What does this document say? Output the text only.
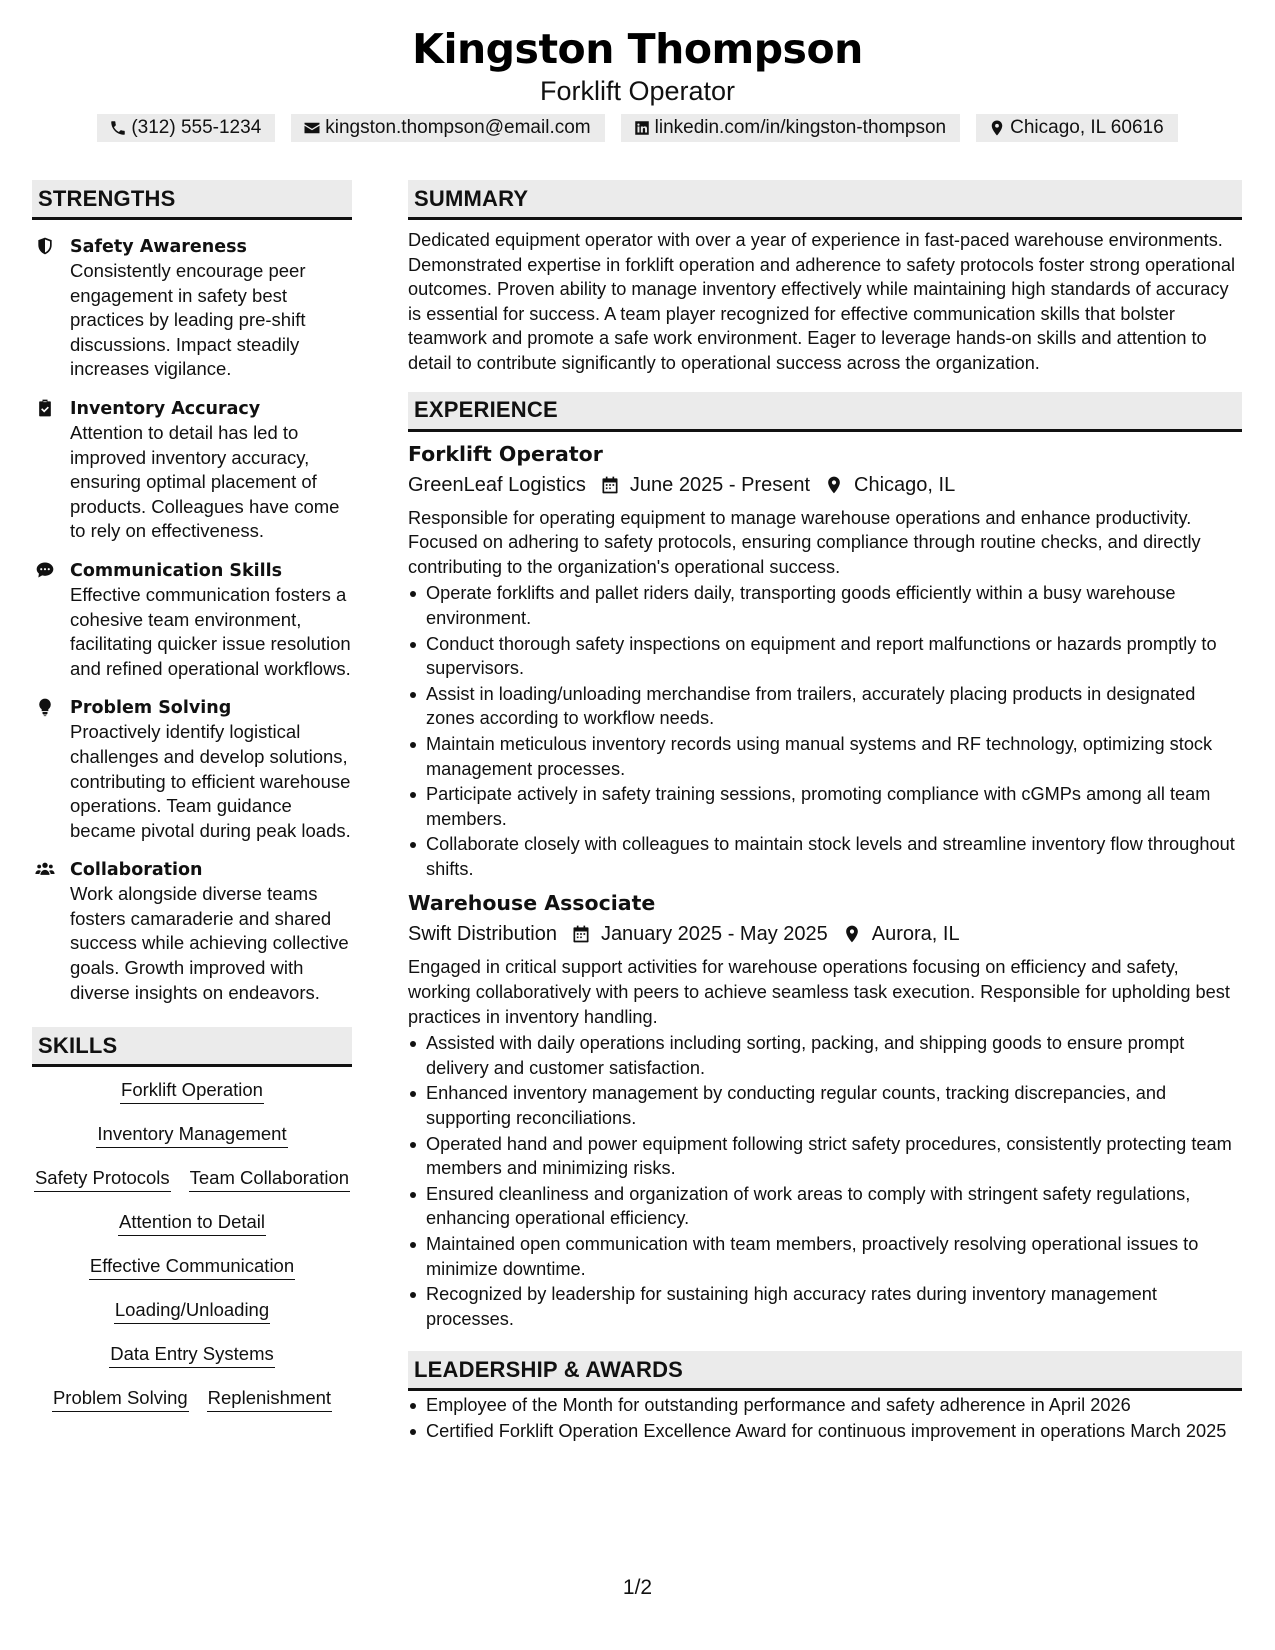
Kingston Thompson
Forklift Operator
(312) 555-1234	kingston.thompson@email.com	linkedin.com/in/kingston-thompson	Chicago, IL 60616
STRENGTHS
Safety Awareness
Consistently encourage peer engagement in safety best practices by leading pre-shift discussions. Impact steadily increases vigilance.
Inventory Accuracy
Attention to detail has led to improved inventory accuracy, ensuring optimal placement of products. Colleagues have come to rely on effectiveness.
Communication Skills
Effective communication fosters a cohesive team environment, facilitating quicker issue resolution and refined operational workflows.
Problem Solving
Proactively identify logistical challenges and develop solutions, contributing to efficient warehouse operations. Team guidance became pivotal during peak loads.
Collaboration
Work alongside diverse teams fosters camaraderie and shared success while achieving collective goals. Growth improved with diverse insights on endeavors.
SKILLS
Forklift Operation
Inventory Management
Safety Protocols Team Collaboration
Attention to Detail
Effective Communication
Loading/Unloading
Data Entry Systems
Problem Solving Replenishment
SUMMARY
Dedicated equipment operator with over a year of experience in fast-paced warehouse environments. Demonstrated expertise in forklift operation and adherence to safety protocols foster strong operational outcomes. Proven ability to manage inventory effectively while maintaining high standards of accuracy is essential for success. A team player recognized for effective communication skills that bolster teamwork and promote a safe work environment. Eager to leverage hands-on skills and attention to detail to contribute significantly to operational success across the organization.
EXPERIENCE
Forklift Operator
GreenLeaf Logistics June 2025 - Present Chicago, IL
Responsible for operating equipment to manage warehouse operations and enhance productivity. Focused on adhering to safety protocols, ensuring compliance through routine checks, and directly contributing to the organization's operational success.
Operate forklifts and pallet riders daily, transporting goods efficiently within a busy warehouse environment.
Conduct thorough safety inspections on equipment and report malfunctions or hazards promptly to supervisors.
Assist in loading/unloading merchandise from trailers, accurately placing products in designated zones according to workflow needs.
Maintain meticulous inventory records using manual systems and RF technology, optimizing stock management processes.
Participate actively in safety training sessions, promoting compliance with cGMPs among all team members.
Collaborate closely with colleagues to maintain stock levels and streamline inventory flow throughout shifts.
Warehouse Associate
Swift Distribution January 2025 - May 2025 Aurora, IL
Engaged in critical support activities for warehouse operations focusing on efficiency and safety, working collaboratively with peers to achieve seamless task execution. Responsible for upholding best practices in inventory handling.
Assisted with daily operations including sorting, packing, and shipping goods to ensure prompt delivery and customer satisfaction.
Enhanced inventory management by conducting regular counts, tracking discrepancies, and supporting reconciliations.
Operated hand and power equipment following strict safety procedures, consistently protecting team members and minimizing risks.
Ensured cleanliness and organization of work areas to comply with stringent safety regulations, enhancing operational efficiency.
Maintained open communication with team members, proactively resolving operational issues to minimize downtime.
Recognized by leadership for sustaining high accuracy rates during inventory management processes.
LEADERSHIP & AWARDS
Employee of the Month for outstanding performance and safety adherence in April 2026
Certified Forklift Operation Excellence Award for continuous improvement in operations March 2025
1/2
